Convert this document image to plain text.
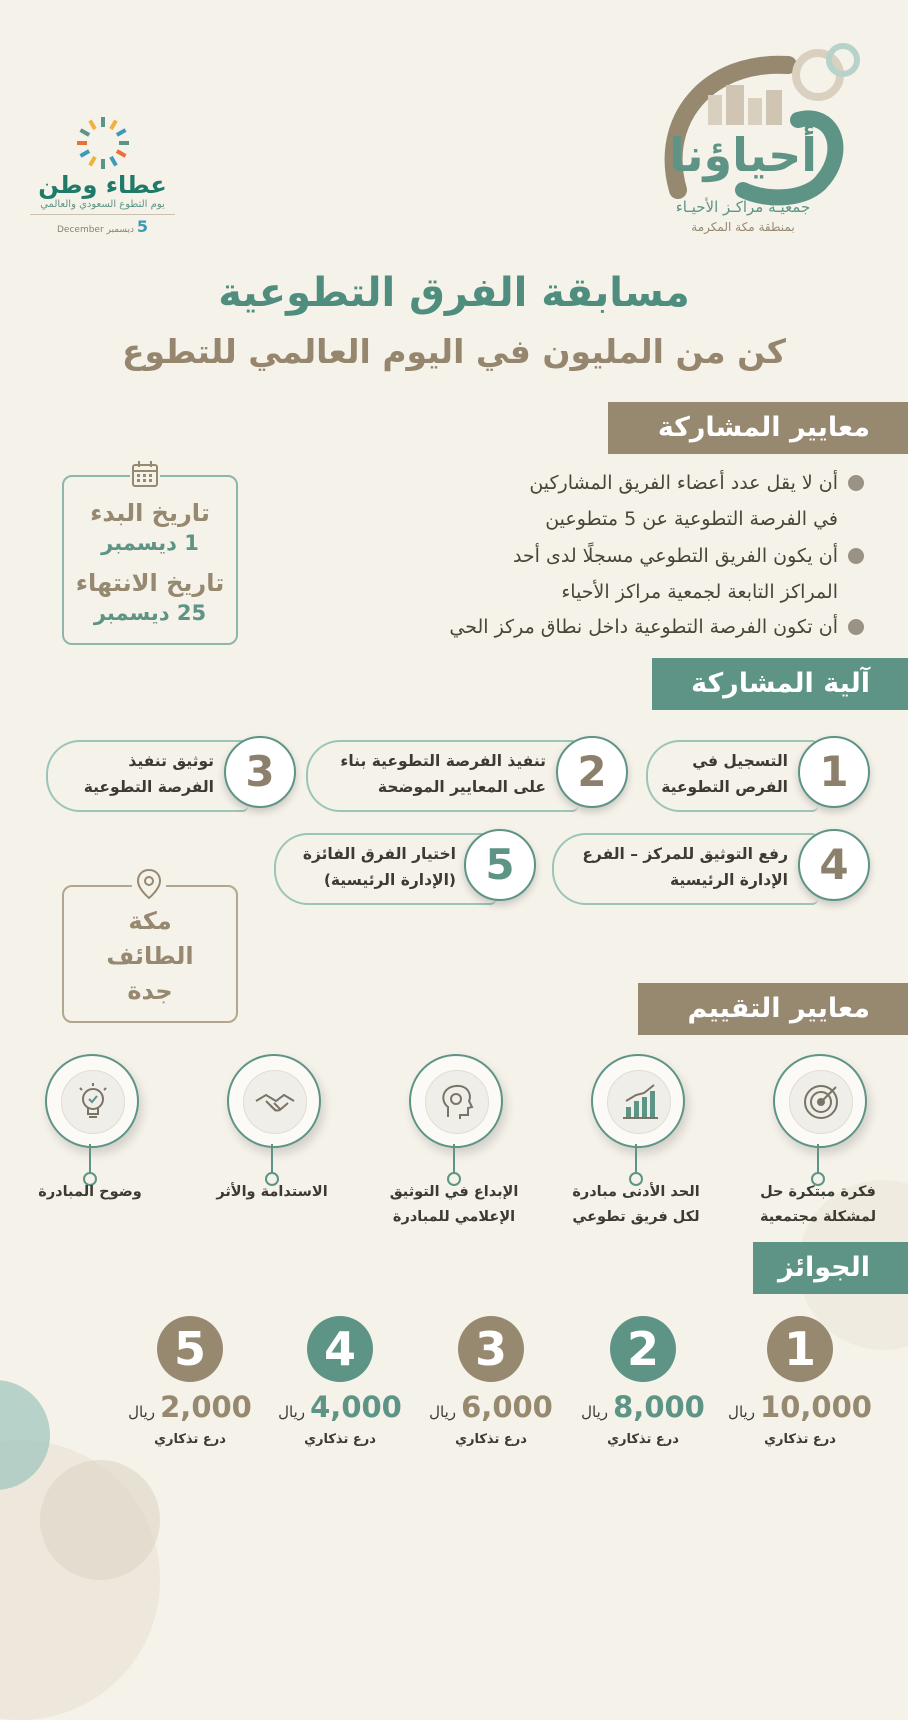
أحياؤنا
جمعيـة مراكـز الأحيـاء
بمنطقة مكة المكرمة
عطاء وطن
يوم التطوع السعودي والعالمي
5 ديسمبر December
مسابقة الفرق التطوعية
كن من المليون في اليوم العالمي للتطوع
معايير المشاركة
أن لا يقل عدد أعضاء الفريق المشاركين
في الفرصة التطوعية عن 5 متطوعين
أن يكون الفريق التطوعي مسجلًا لدى أحد
المراكز التابعة لجمعية مراكز الأحياء
أن تكون الفرصة التطوعية داخل نطاق مركز الحي
تاريخ البدء
1 ديسمبر
تاريخ الانتهاء
25 ديسمبر
آلية المشاركة
1
التسجيل في
الفرص التطوعية
2
تنفيذ الفرصة التطوعية بناء
على المعايير الموضحة
3
توثيق تنفيذ
الفرصة التطوعية
4
رفع التوثيق للمركز – الفرع
الإدارة الرئيسية
5
اختيار الفرق الفائزة
(الإدارة الرئيسية)
مكة
الطائف
جدة
معايير التقييم
فكرة مبتكرة حل
لمشكلة مجتمعية
الحد الأدنى مبادرة
لكل فريق تطوعي
الإبداع في التوثيق
الإعلامي للمبادرة
الاستدامة والأثر
وضوح المبادرة
الجوائز
1
10,000 ريال
درع تذكاري
2
8,000 ريال
درع تذكاري
3
6,000 ريال
درع تذكاري
4
4,000 ريال
درع تذكاري
5
2,000 ريال
درع تذكاري
